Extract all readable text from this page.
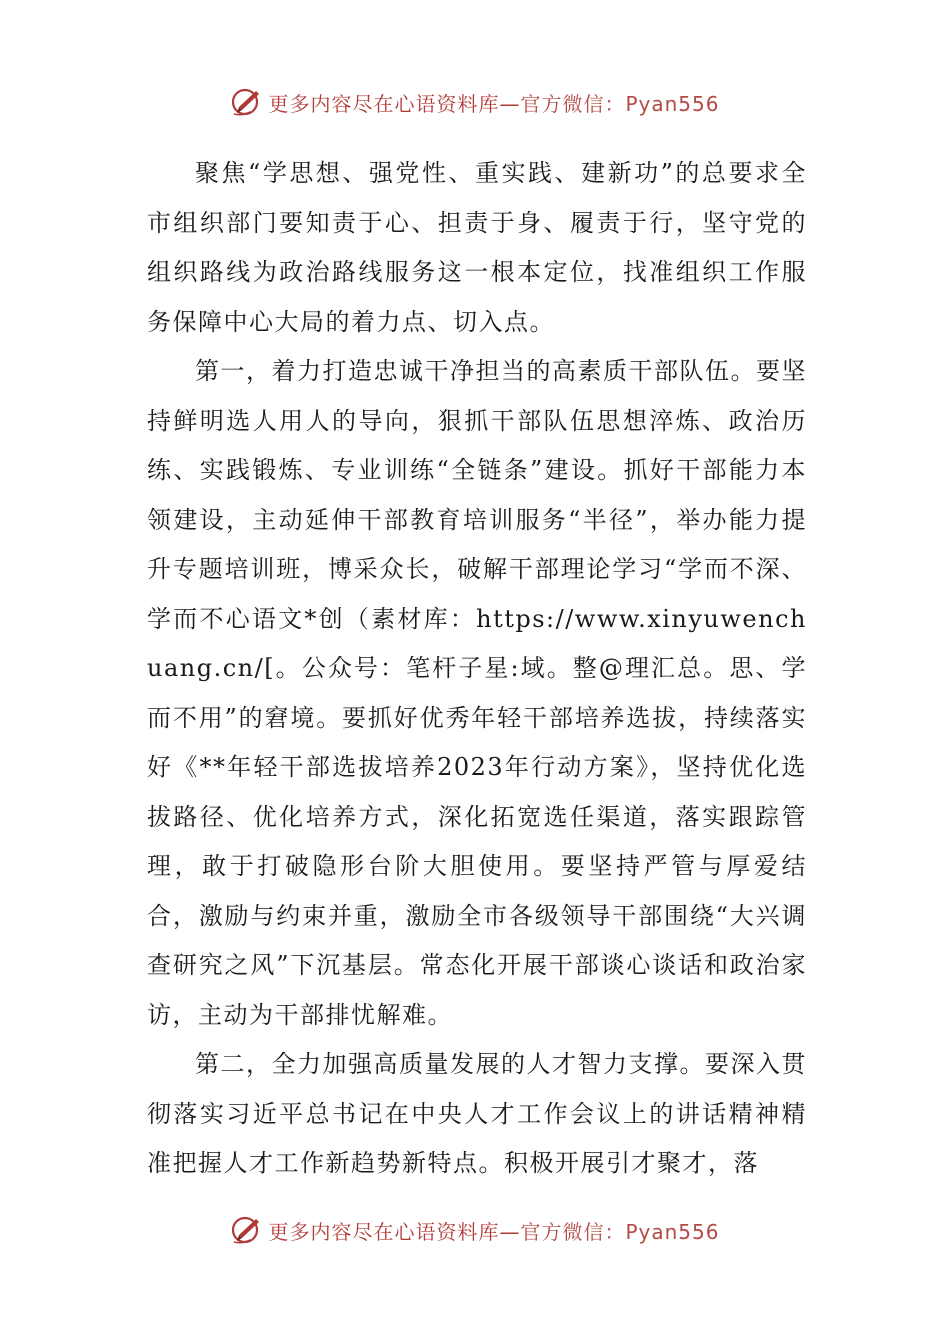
更多内容尽在心语资料库—官方微信：Pyan556

聚焦“学思想、强党性、重实践、建新功”的总要求全市组织部门要知责于心、担责于身、履责于行，坚守党的组织路线为政治路线服务这一根本定位，找准组织工作服务保障中心大局的着力点、切入点。

第一，着力打造忠诚干净担当的高素质干部队伍。要坚持鲜明选人用人的导向，狠抓干部队伍思想淬炼、政治历练、实践锻炼、专业训练“全链条”建设。抓好干部能力本领建设，主动延伸干部教育培训服务“半径”，举办能力提升专题培训班，博采众长，破解干部理论学习“学而不深、学而不心语文*创（素材库：https://www.xinyuwenchuang.cn/[。公众号：笔杆子星:域。整@理汇总。思、学而不用”的窘境。要抓好优秀年轻干部培养选拔，持续落实好《**年轻干部选拔培养2023年行动方案》，坚持优化选拔路径、优化培养方式，深化拓宽选任渠道，落实跟踪管理，敢于打破隐形台阶大胆使用。要坚持严管与厚爱结合，激励与约束并重，激励全市各级领导干部围绕“大兴调查研究之风”下沉基层。常态化开展干部谈心谈话和政治家访，主动为干部排忧解难。

第二，全力加强高质量发展的人才智力支撑。要深入贯彻落实习近平总书记在中央人才工作会议上的讲话精神精准把握人才工作新趋势新特点。积极开展引才聚才，落

更多内容尽在心语资料库—官方微信：Pyan556
